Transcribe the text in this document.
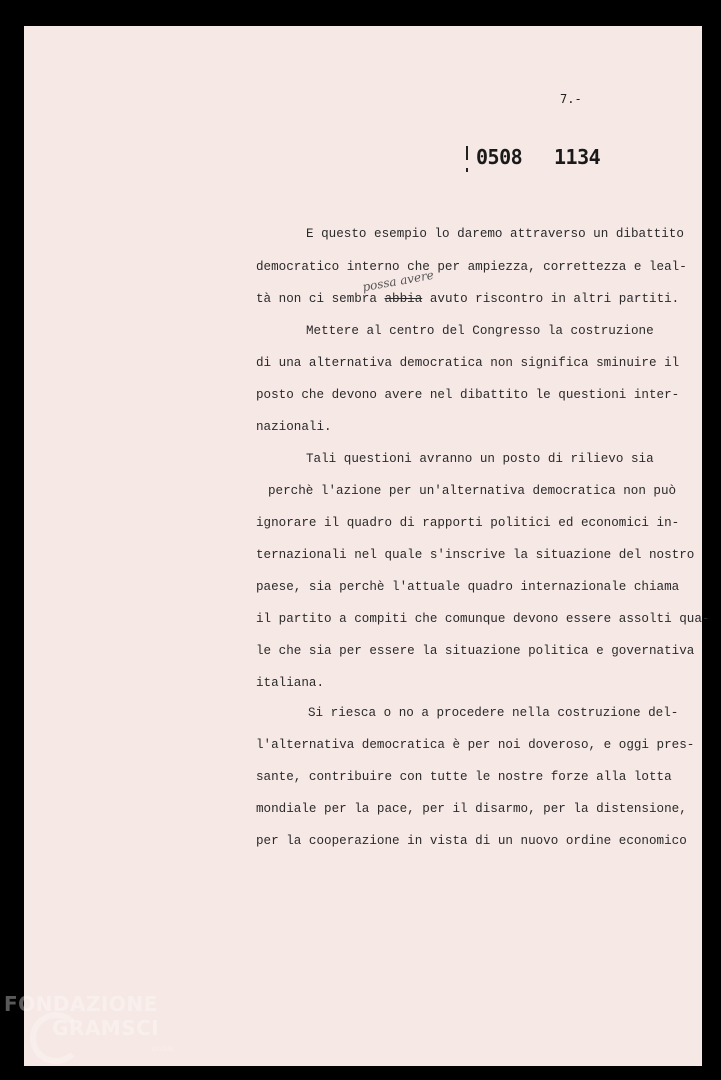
7.-
0508 1134
E questo esempio lo daremo attraverso un dibattito
democratico interno che per ampiezza, correttezza e leal-
tà non ci sembra abbia avuto riscontro in altri partiti.
possa avere
Mettere al centro del Congresso la costruzione
di una alternativa democratica non significa sminuire il
posto che devono avere nel dibattito le questioni inter-
nazionali.
Tali questioni avranno un posto di rilievo sia
perchè l'azione per un'alternativa democratica non può
ignorare il quadro di rapporti politici ed economici in-
ternazionali nel quale s'inscrive la situazione del nostro
paese, sia perchè l'attuale quadro internazionale chiama
il partito a compiti che comunque devono essere assolti qua-
le che sia per essere la situazione politica e governativa
italiana.
Si riesca o no a procedere nella costruzione del-
l'alternativa democratica è per noi doveroso, e oggi pres-
sante, contribuire con tutte le nostre forze alla lotta
mondiale per la pace, per il disarmo, per la distensione,
per la cooperazione in vista di un nuovo ordine economico
FONDAZIONE
GRAMSCI
onlus
